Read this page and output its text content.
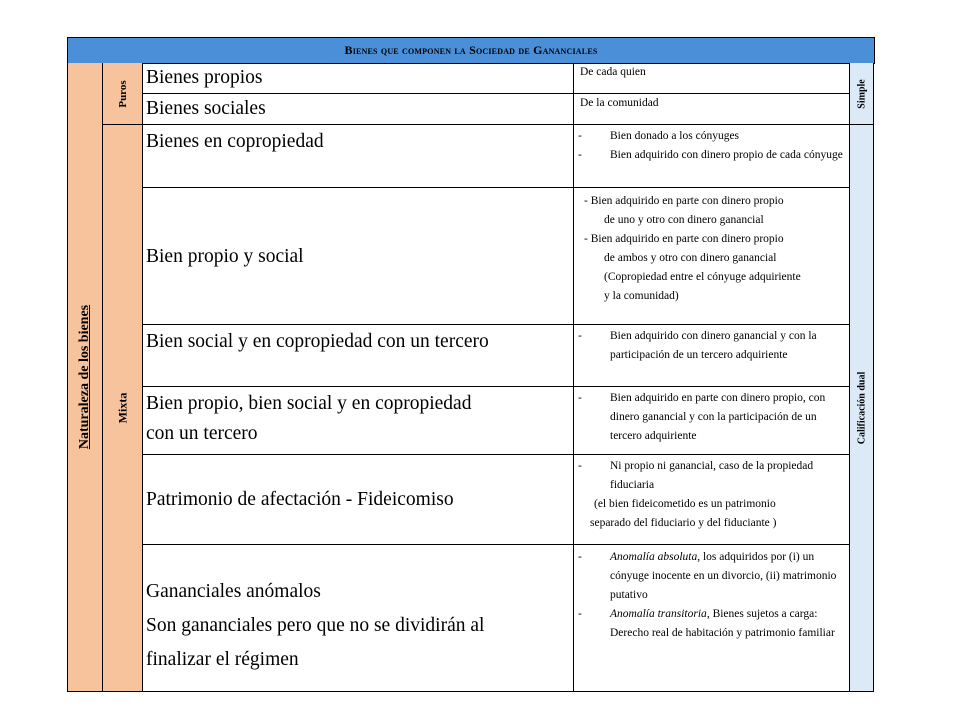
Bienes que componen la Sociedad de Gananciales
Naturaleza de los bienes
Puros
Mixta
Bienes propios
Bienes sociales
Bienes en copropiedad
Bien propio y social
Bien social y en copropiedad con un tercero
Bien propio, bien social y en copropiedad
con un tercero
Patrimonio de afectación - Fideicomiso
Gananciales anómalos
Son gananciales pero que no se dividirán al
finalizar el régimen
De cada quien
De la comunidad
- Bien donado a los cónyuges
- Bien adquirido con dinero propio de cada cónyuge
- Bien adquirido en parte con dinero propio
de uno y otro con dinero ganancial
- Bien adquirido en parte con dinero propio
de ambos y otro con dinero ganancial
(Copropiedad entre el cónyuge adquiriente
y la comunidad)
- Bien adquirido con dinero ganancial y con la participación de un tercero adquiriente
- Bien adquirido en parte con dinero propio, con dinero ganancial y con la participación de un tercero adquiriente
- Ni propio ni ganancial, caso de la propiedad fiduciaria
(el bien fideicometido es un patrimonio
separado del fiduciario y del fiduciante )
- Anomalía absoluta, los adquiridos por (i) un cónyuge inocente en un divorcio, (ii) matrimonio putativo
- Anomalía transitoria, Bienes sujetos a carga: Derecho real de habitación y patrimonio familiar
Simple
Calificación dual
